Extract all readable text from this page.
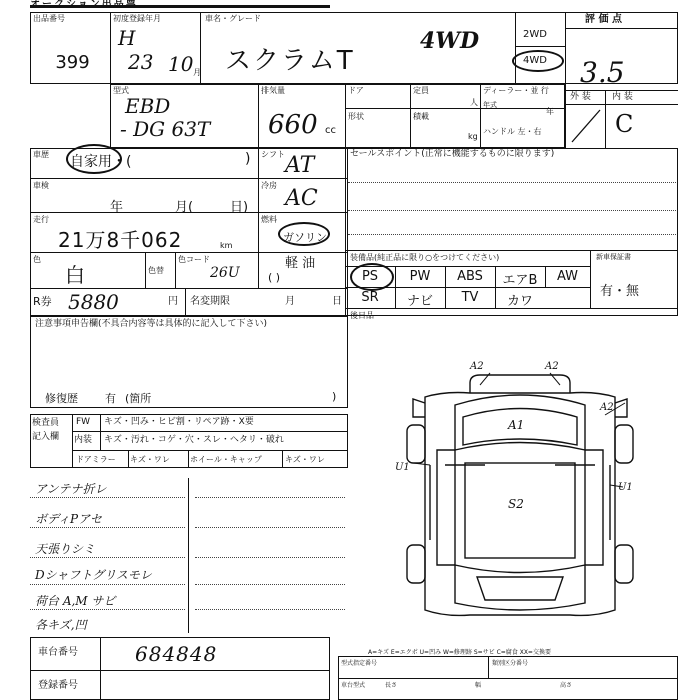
オークション出品票
出品番号
399
初度登録年月
H
23 10 月
車名・グレード
スクラムT
4WD	2WD
4WD
評 価 点
3.5
外 装 内 装
C
型式
EBD
- DG 63T
排気量
660 cc
ドア	定員
人
ディーラー・並 行
年式
年
形状	積載
kg
ハンドル 左・右
車歴 自家用・(	) シフト AT
車検
年	月(	日)
冷房
AC
走行
21万8千062	km
燃料
ガソリン
色
白	色替
色コード
26U
軽 油
( )
R券 5880	円 名変期限	月	日
セールスポイント(正常に機能するものに限ります)
装備品(純正品に限り○をつけてください)	新車保証書
有・無
PS	PW	ABS	エアB	AW
SR	ナビ	TV	カワ
後日品
注意事項申告欄(不具合内容等は具体的に記入して下さい)
修復歴 有 (箇所	)
検査員
記入欄
FW キズ・凹み・ヒビ割・リペア跡・X要
内装 キズ・汚れ・コゲ・穴・スレ・ヘタリ・破れ
ドアミラー キズ・ワレ	ホイール・キャップ	キズ・ワレ
アンテナ折レ
ボディPアセ
天張りシミ
Dシャフトグリスモレ
荷台 A,M サビ
各キズ,凹
A2	A2
A1
A2
U1
S2
U1
A=キズ E=エクボ U=凹み W=修理跡 S=サビ C=腐食 XX=交換要
型式指定番号	類別区分番号
車台型式	長さ	幅	高さ
車台番号	684848
登録番号
